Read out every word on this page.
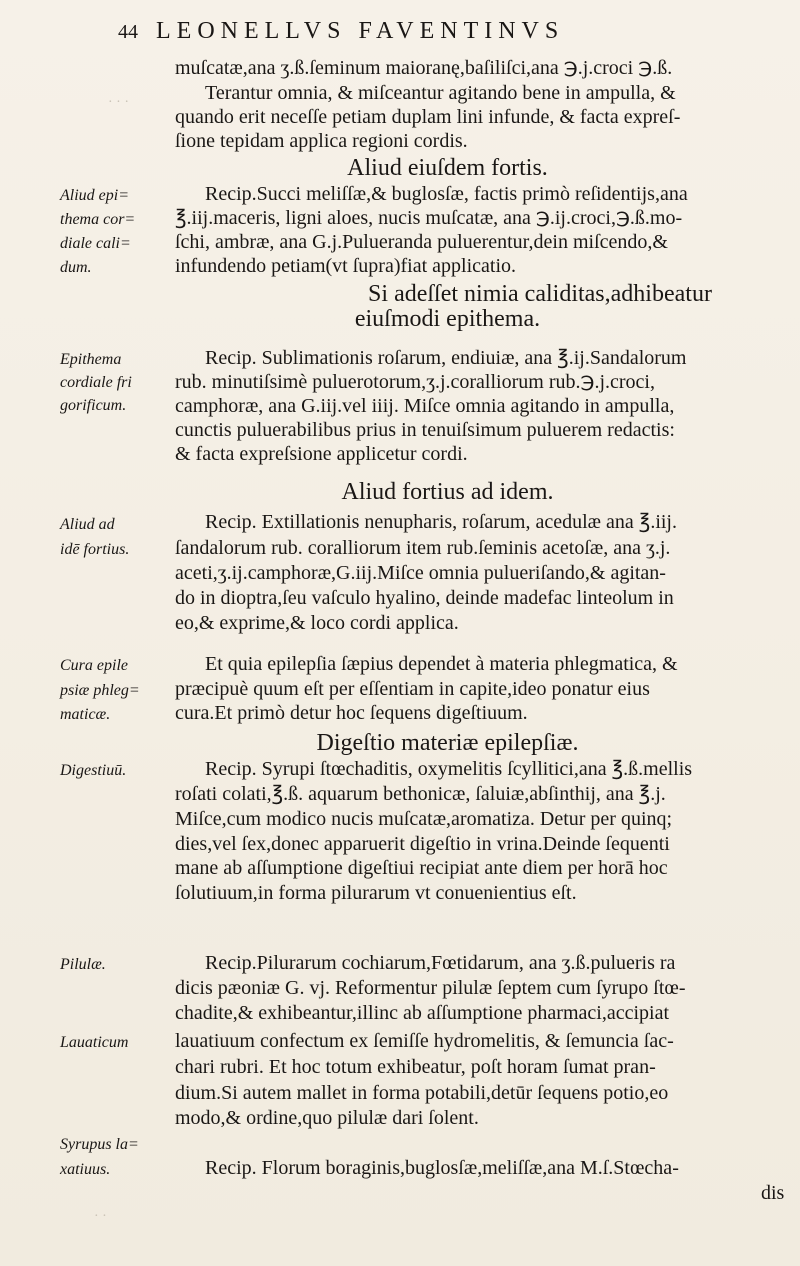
44 LEONELLVS FAVENTINVS
· · ·
· ·
Aliud epi=
thema cor=
diale cali=
dum.
Epithema
cordiale fri
gorificum.
Aliud ad
idē fortius.
Cura epile
psiæ phleg=
maticæ.
Digestiuū.
Pilulæ.
Lauaticum
Syrupus la=
xatiuus.
muſcatæ,ana ʒ.ß.ſeminum maioranę,baſiliſci,ana ℈.j.croci ℈.ß.
Terantur omnia, & miſceantur agitando bene in ampulla, &
quando erit neceſſe petiam duplam lini infunde, & facta expreſ-
ſione tepidam applica regioni cordis.
Aliud eiuſdem fortis.
Recip.Succi meliſſæ,& buglosſæ, factis primò reſidentijs,ana
℥.iij.maceris, ligni aloes, nucis muſcatæ, ana ℈.ij.croci,℈.ß.mo-
ſchi, ambræ, ana G.j.Pulueranda puluerentur,dein miſcendo,&
infundendo petiam(vt ſupra)fiat applicatio.
Si adeſſet nimia caliditas,adhibeatur
eiuſmodi epithema.
Recip. Sublimationis roſarum, endiuiæ, ana ℥.ij.Sandalorum
rub. minutiſsimè puluerotorum,ʒ.j.coralliorum rub.℈.j.croci,
camphoræ, ana G.iij.vel iiij. Miſce omnia agitando in ampulla,
cunctis puluerabilibus prius in tenuiſsimum puluerem redactis:
& facta expreſsione applicetur cordi.
Aliud fortius ad idem.
Recip. Extillationis nenupharis, roſarum, acedulæ ana ℥.iij.
ſandalorum rub. coralliorum item rub.ſeminis acetoſæ, ana ʒ.j.
aceti,ʒ.ij.camphoræ,G.iij.Miſce omnia pulueriſando,& agitan-
do in dioptra,ſeu vaſculo hyalino, deinde madefac linteolum in
eo,& exprime,& loco cordi applica.
Et quia epilepſia ſæpius dependet à materia phlegmatica, &
præcipuè quum eſt per eſſentiam in capite,ideo ponatur eius
cura.Et primò detur hoc ſequens digeſtiuum.
Digeſtio materiæ epilepſiæ.
Recip. Syrupi ſtœchaditis, oxymelitis ſcyllitici,ana ℥.ß.mellis
roſati colati,℥.ß. aquarum bethonicæ, ſaluiæ,abſinthij, ana ℥.j.
Miſce,cum modico nucis muſcatæ,aromatiza. Detur per quinq;
dies,vel ſex,donec apparuerit digeſtio in vrina.Deinde ſequenti
mane ab aſſumptione digeſtiui recipiat ante diem per horā hoc
ſolutiuum,in forma pilurarum vt conuenientius eſt.
Recip.Pilurarum cochiarum,Fœtidarum, ana ʒ.ß.pulueris ra
dicis pæoniæ G. vj. Reformentur pilulæ ſeptem cum ſyrupo ſtœ-
chadite,& exhibeantur,illinc ab aſſumptione pharmaci,accipiat
lauatiuum confectum ex ſemiſſe hydromelitis, & ſemuncia ſac-
chari rubri. Et hoc totum exhibeatur, poſt horam ſumat pran-
dium.Si autem mallet in forma potabili,detūr ſequens potio,eo
modo,& ordine,quo pilulæ dari ſolent.
Recip. Florum boraginis,buglosſæ,meliſſæ,ana M.ſ.Stœcha-
dis
